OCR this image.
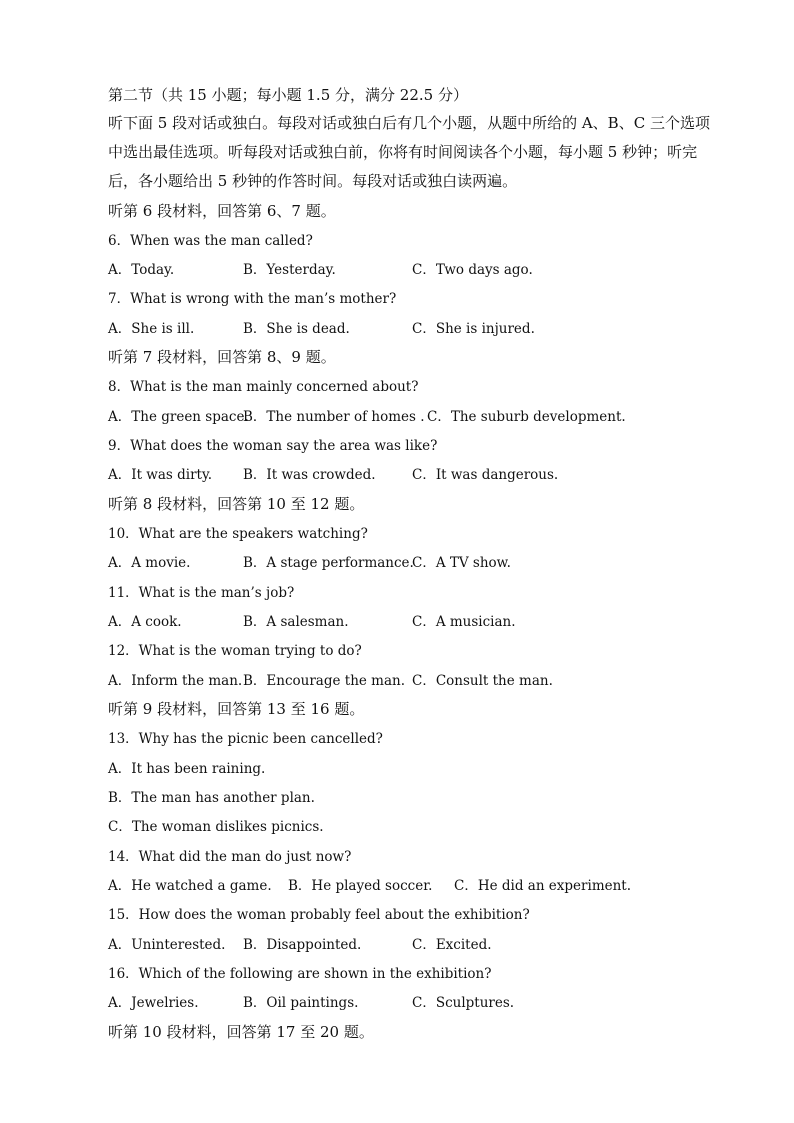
第二节（共 15 小题；每小题 1.5 分，满分 22.5 分）
听下面 5 段对话或独白。每段对话或独白后有几个小题，从题中所给的 A、B、C 三个选项中选出最佳选项。听每段对话或独白前，你将有时间阅读各个小题，每小题 5 秒钟；听完后，各小题给出 5 秒钟的作答时间。每段对话或独白读两遍。
听第 6 段材料，回答第 6、7 题。
6．When was the man called?
A．Today.	B．Yesterday.	C．Two days ago.
7．What is wrong with the man’s mother?
A．She is ill.	B．She is dead.	C．She is injured.
听第 7 段材料，回答第 8、9 题。
8．What is the man mainly concerned about?
A．The green space.
B．The number of homes . C．The suburb development.
9．What does the woman say the area was like?
A．It was dirty. B．It was crowded.	C．It was dangerous.
听第 8 段材料，回答第 10 至 12 题。
10．What are the speakers watching?
A．A movie.	B．A stage performance.
C．A TV show.
11．What is the man’s job?
A．A cook.	B．A salesman.	C．A musician.
12．What is the woman trying to do?
A．Inform the man. B．Encourage the man. C．Consult the man.
听第 9 段材料，回答第 13 至 16 题。
13．Why has the picnic been cancelled?
A．It has been raining.
B．The man has another plan.
C．The woman dislikes picnics.
14．What did the man do just now?
A．He watched a game. B．He played soccer. C．He did an experiment.
15．How does the woman probably feel about the exhibition?
A．Uninterested. B．Disappointed.	C．Excited.
16．Which of the following are shown in the exhibition?
A．Jewelries.	B．Oil paintings.	C．Sculptures.
听第 10 段材料，回答第 17 至 20 题。
